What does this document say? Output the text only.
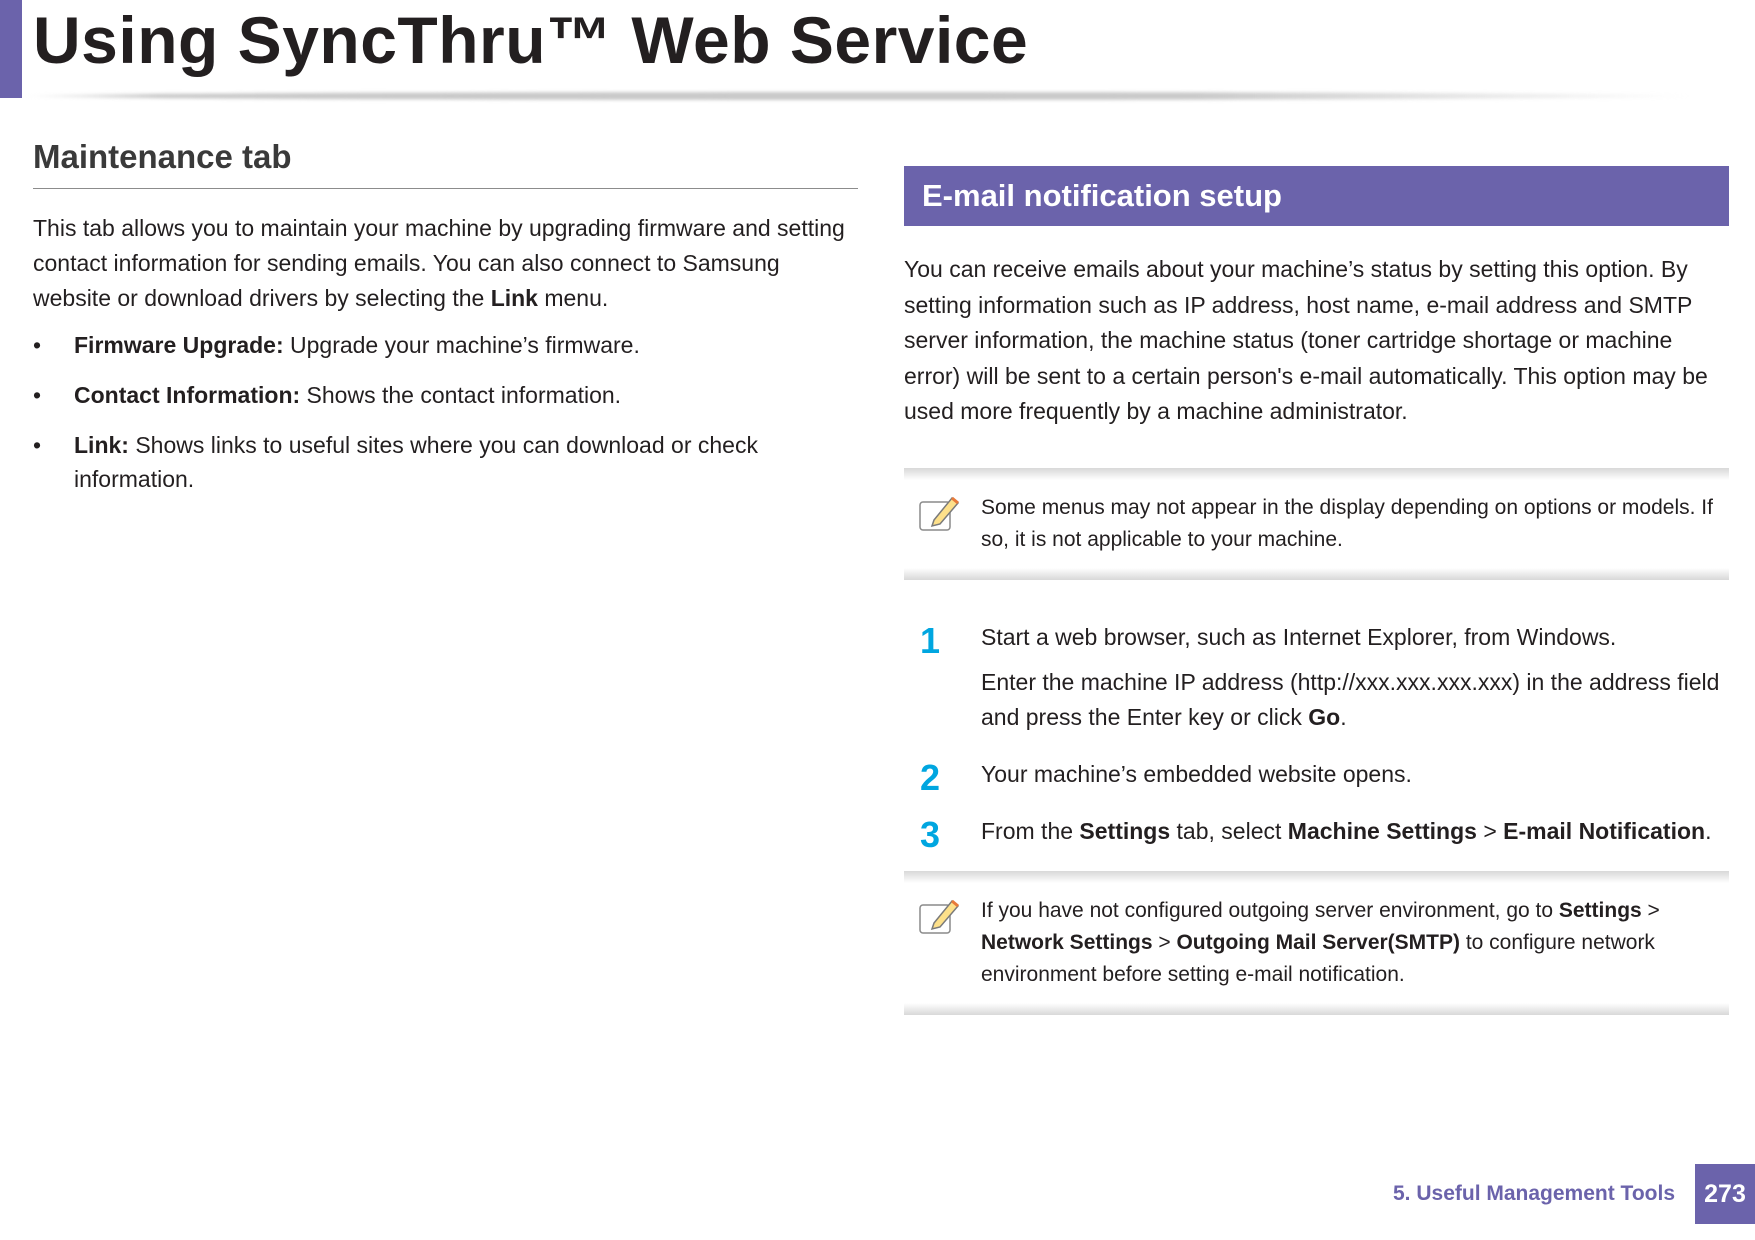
Using SyncThru™ Web Service
Maintenance tab

This tab allows you to maintain your machine by upgrading firmware and setting contact information for sending emails. You can also connect to Samsung website or download drivers by selecting the Link menu.

• Firmware Upgrade: Upgrade your machine’s firmware.
• Contact Information: Shows the contact information.
• Link: Shows links to useful sites where you can download or check information.
E-mail notification setup

You can receive emails about your machine’s status by setting this option. By setting information such as IP address, host name, e-mail address and SMTP server information, the machine status (toner cartridge shortage or machine error) will be sent to a certain person's e-mail automatically. This option may be used more frequently by a machine administrator.

Some menus may not appear in the display depending on options or models. If so, it is not applicable to your machine.
1 Start a web browser, such as Internet Explorer, from Windows.
Enter the machine IP address (http://xxx.xxx.xxx.xxx) in the address field and press the Enter key or click Go.
2 Your machine’s embedded website opens.
3 From the Settings tab, select Machine Settings > E-mail Notification.
If you have not configured outgoing server environment, go to Settings > Network Settings > Outgoing Mail Server(SMTP) to configure network environment before setting e-mail notification.
5. Useful Management Tools	273
